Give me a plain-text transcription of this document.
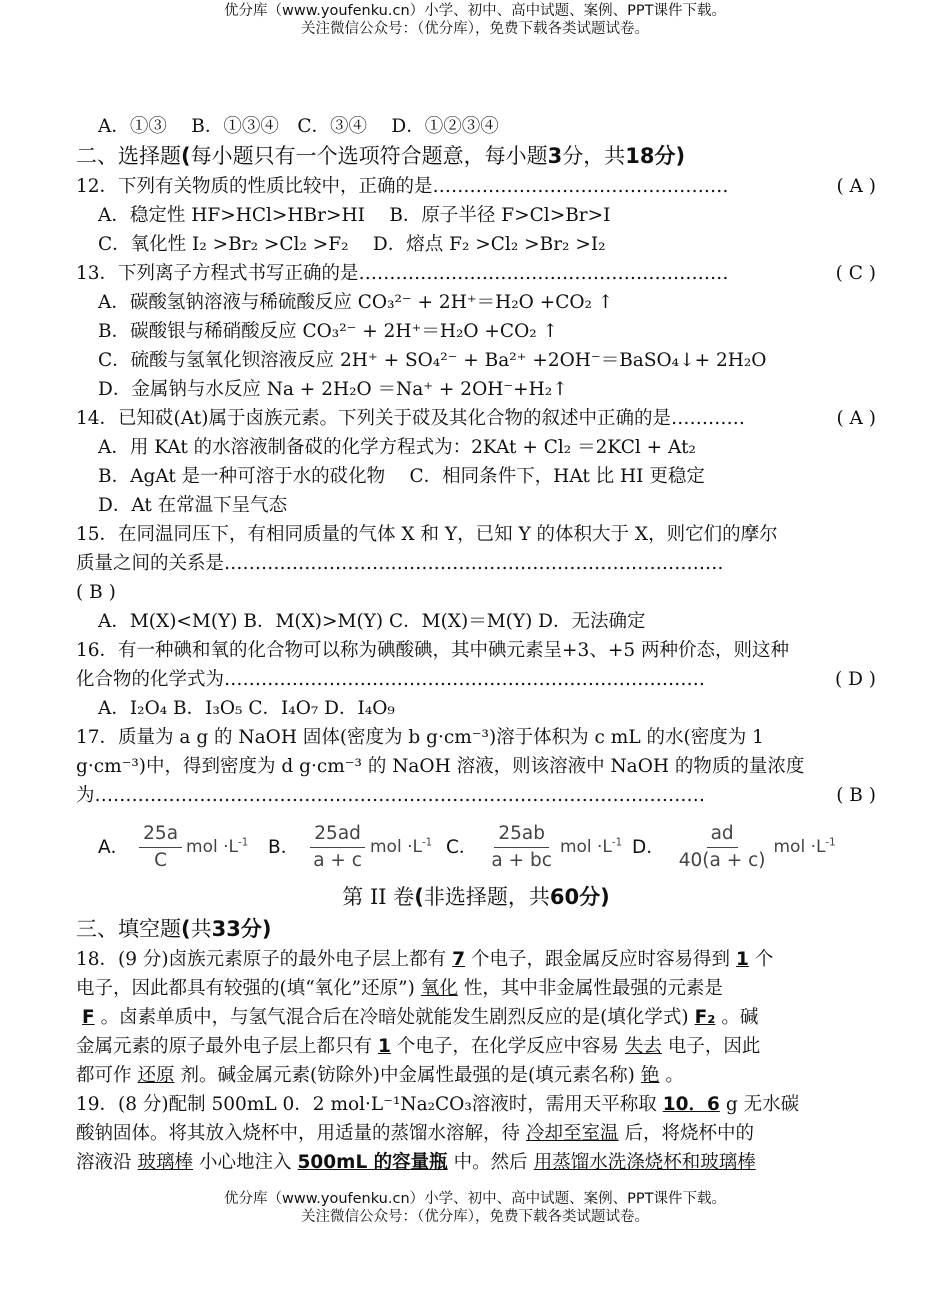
优分库（www.youfenku.cn）小学、初中、高中试题、案例、PPT课件下载。
关注微信公众号：（优分库），免费下载各类试题试卷。
A．①③　 B．①③④　C．③④　 D．①②③④
二、选择题(每小题只有一个选项符合题意，每小题3分，共18分)
12．下列有关物质的性质比较中，正确的是…………………………………………	( A )
A．稳定性 HF>HCl>HBr>HI　 B．原子半径 F>Cl>Br>I
C．氧化性 I₂ >Br₂ >Cl₂ >F₂　 D．熔点 F₂ >Cl₂ >Br₂ >I₂
13．下列离子方程式书写正确的是……………………………………………………	( C )
A．碳酸氢钠溶液与稀硫酸反应 CO₃²⁻ + 2H⁺＝H₂O +CO₂ ↑
B．碳酸银与稀硝酸反应 CO₃²⁻ + 2H⁺＝H₂O +CO₂ ↑
C．硫酸与氢氧化钡溶液反应 2H⁺ + SO₄²⁻ + Ba²⁺ +2OH⁻＝BaSO₄↓+ 2H₂O
D．金属钠与水反应 Na + 2H₂O ＝Na⁺ + 2OH⁻+H₂↑
14．已知砹(At)属于卤族元素。下列关于砹及其化合物的叙述中正确的是…………	( A )
A．用 KAt 的水溶液制备砹的化学方程式为：2KAt + Cl₂ ＝2KCl + At₂
B．AgAt 是一种可溶于水的砹化物　 C．相同条件下，HAt 比 HI 更稳定
D．At 在常温下呈气态
15．在同温同压下，有相同质量的气体 X 和 Y，已知 Y 的体积大于 X，则它们的摩尔
质量之间的关系是………………………………………………………………………
( B )
A．M(X)<M(Y) B．M(X)>M(Y) C．M(X)＝M(Y) D．无法确定
16．有一种碘和氧的化合物可以称为碘酸碘，其中碘元素呈+3、+5 两种价态，则这种
化合物的化学式为……………………………………………………………………	( D )
A．I₂O₄ B．I₃O₅ C．I₄O₇ D．I₄O₉
17．质量为 a g 的 NaOH 固体(密度为 b g·cm⁻³)溶于体积为 c mL 的水(密度为 1
g·cm⁻³)中，得到密度为 d g·cm⁻³ 的 NaOH 溶液，则该溶液中 NaOH 的物质的量浓度
为………………………………………………………………………………………	( B )
A． $\frac{25a}{C}$ mol $\cdot L^{-1}$ B． $\frac{25ad}{a + c}$ mol $\cdot L^{-1}$ C． $\frac{25ab}{a + bc}$ mol $\cdot L^{-1}$ D． $\frac{ad}{40(a + c)}$ mol $\cdot L^{-1}$
第 II 卷(非选择题，共60分)
三、填空题(共33分)
18．(9 分)卤族元素原子的最外电子层上都有 7 个电子，跟金属反应时容易得到 1 个
电子，因此都具有较强的(填“氧化”还原”) 氧化 性，其中非金属性最强的元素是
F 。卤素单质中，与氢气混合后在冷暗处就能发生剧烈反应的是(填化学式) F₂ 。碱
金属元素的原子最外电子层上都只有 1 个电子，在化学反应中容易 失去 电子，因此
都可作 还原 剂。碱金属元素(钫除外)中金属性最强的是(填元素名称) 铯 。
19．(8 分)配制 500mL 0．2 mol·L⁻¹Na₂CO₃溶液时，需用天平称取 10．6 g 无水碳
酸钠固体。将其放入烧杯中，用适量的蒸馏水溶解，待 冷却至室温 后，将烧杯中的
溶液沿 玻璃棒 小心地注入 500mL 的容量瓶 中。然后 用蒸馏水洗涤烧杯和玻璃棒
优分库（www.youfenku.cn）小学、初中、高中试题、案例、PPT课件下载。
关注微信公众号：（优分库），免费下载各类试题试卷。
